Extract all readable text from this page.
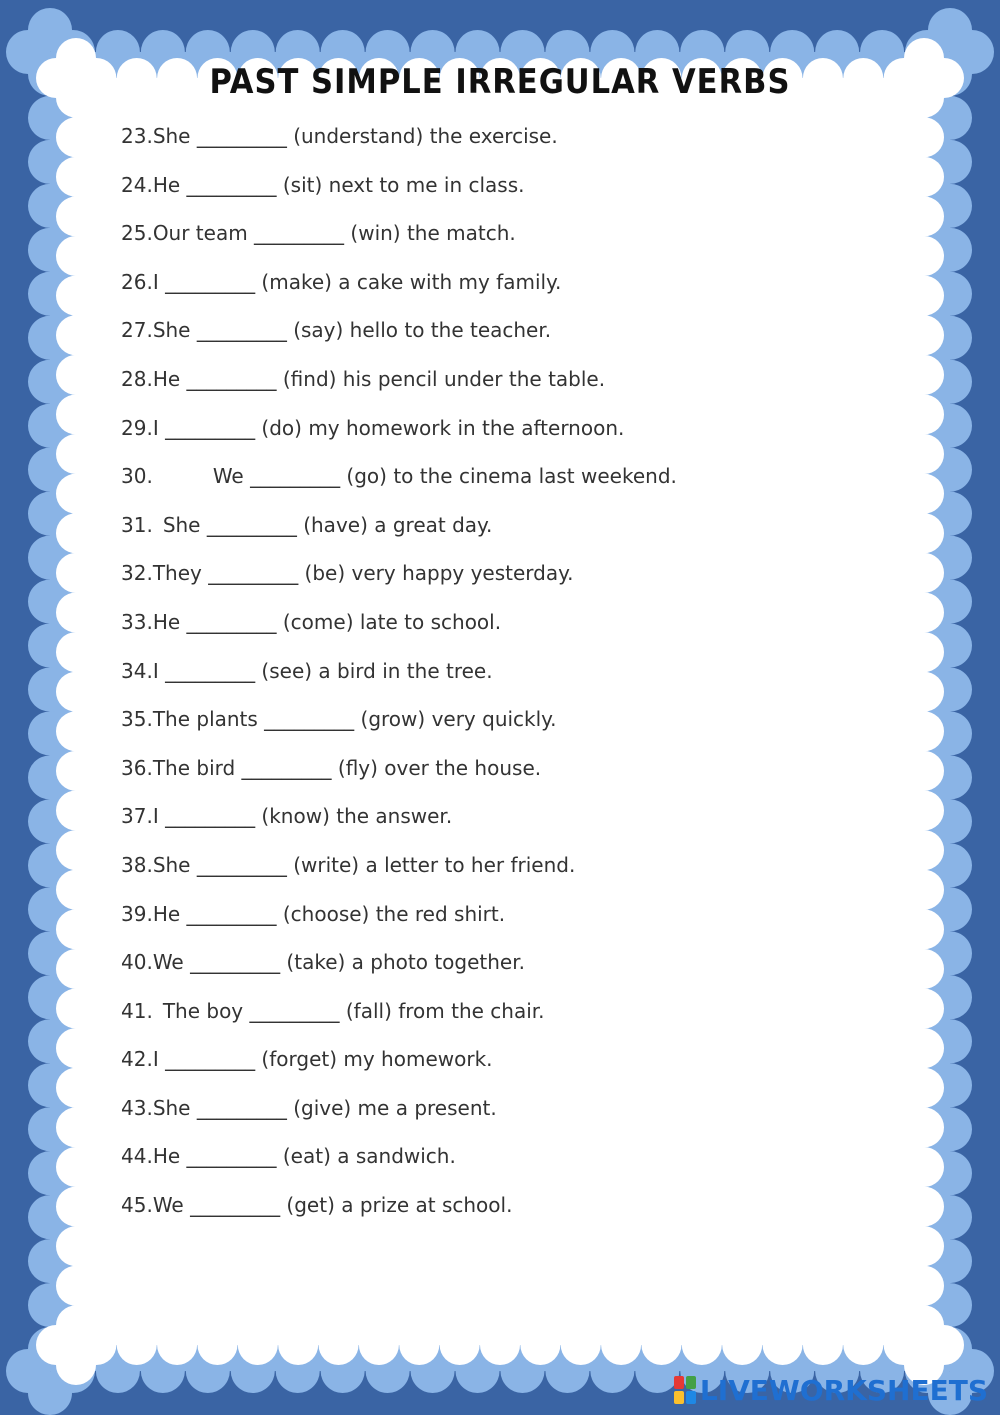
PAST SIMPLE IRREGULAR VERBS
23.She _________ (understand) the exercise.
24.He _________ (sit) next to me in class.
25.Our team _________ (win) the match.
26.I _________ (make) a cake with my family.
27.She _________ (say) hello to the teacher.
28.He _________ (find) his pencil under the table.
29.I _________ (do) my homework in the afternoon.
30.	We _________ (go) to the cinema last weekend.
31. She _________ (have) a great day.
32.They _________ (be) very happy yesterday.
33.He _________ (come) late to school.
34.I _________ (see) a bird in the tree.
35.The plants _________ (grow) very quickly.
36.The bird _________ (fly) over the house.
37.I _________ (know) the answer.
38.She _________ (write) a letter to her friend.
39.He _________ (choose) the red shirt.
40.We _________ (take) a photo together.
41. The boy _________ (fall) from the chair.
42.I _________ (forget) my homework.
43.She _________ (give) me a present.
44.He _________ (eat) a sandwich.
45.We _________ (get) a prize at school.
LIVEWORKSHEETS
